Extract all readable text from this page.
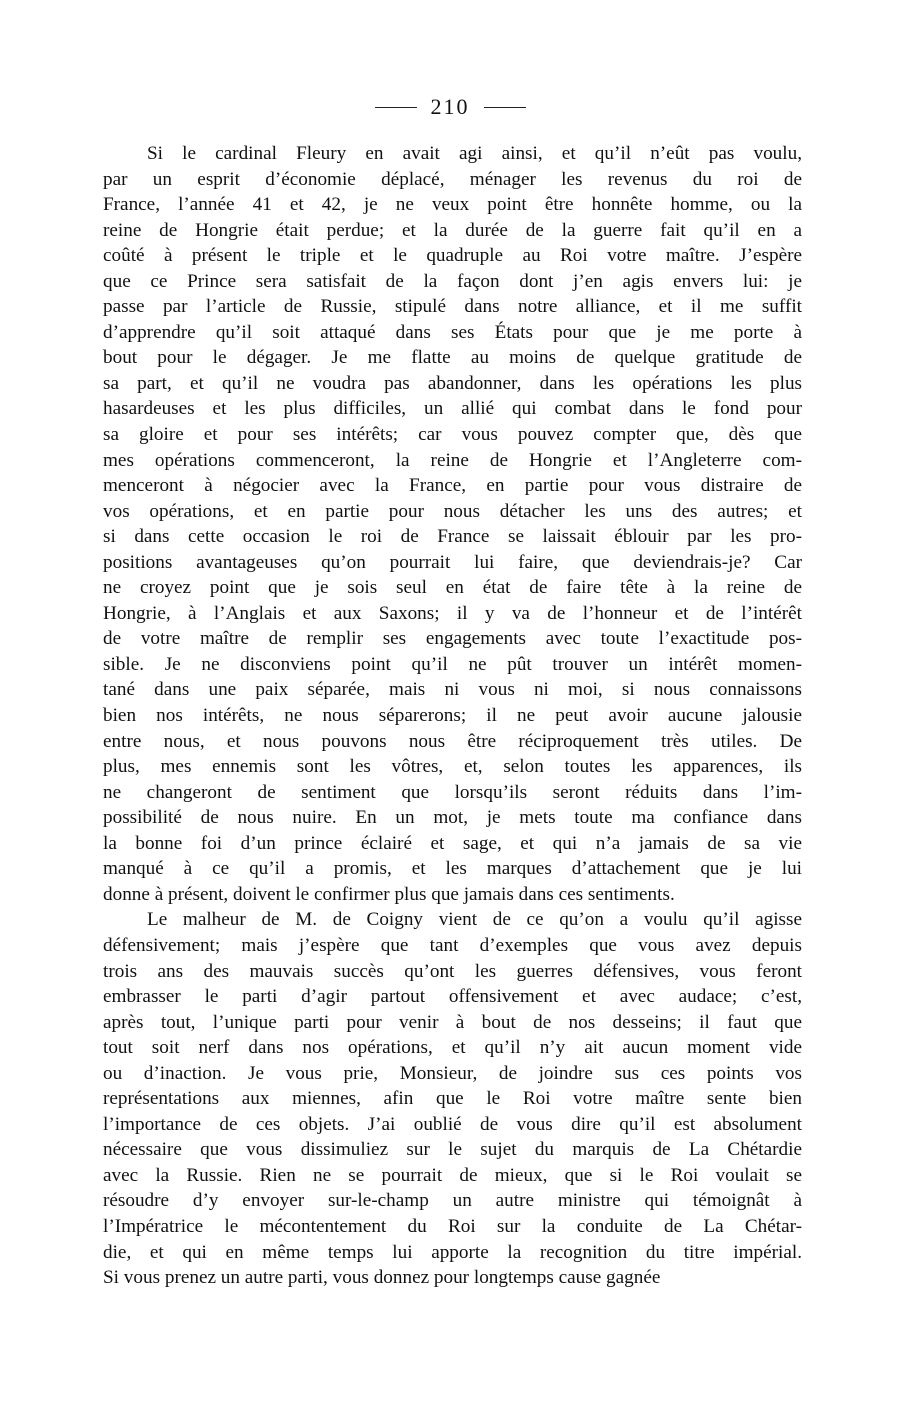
210
Si le cardinal Fleury en avait agi ainsi, et qu’il n’eût pas voulu,
par un esprit d’économie déplacé, ménager les revenus du roi de
France, l’année 41 et 42, je ne veux point être honnête homme, ou la
reine de Hongrie était perdue; et la durée de la guerre fait qu’il en a
coûté à présent le triple et le quadruple au Roi votre maître. J’espère
que ce Prince sera satisfait de la façon dont j’en agis envers lui: je
passe par l’article de Russie, stipulé dans notre alliance, et il me suffit
d’apprendre qu’il soit attaqué dans ses États pour que je me porte à
bout pour le dégager. Je me flatte au moins de quelque gratitude de
sa part, et qu’il ne voudra pas abandonner, dans les opérations les plus
hasardeuses et les plus difficiles, un allié qui combat dans le fond pour
sa gloire et pour ses intérêts; car vous pouvez compter que, dès que
mes opérations commenceront, la reine de Hongrie et l’Angleterre com-
menceront à négocier avec la France, en partie pour vous distraire de
vos opérations, et en partie pour nous détacher les uns des autres; et
si dans cette occasion le roi de France se laissait éblouir par les pro-
positions avantageuses qu’on pourrait lui faire, que deviendrais-je? Car
ne croyez point que je sois seul en état de faire tête à la reine de
Hongrie, à l’Anglais et aux Saxons; il y va de l’honneur et de l’intérêt
de votre maître de remplir ses engagements avec toute l’exactitude pos-
sible. Je ne disconviens point qu’il ne pût trouver un intérêt momen-
tané dans une paix séparée, mais ni vous ni moi, si nous connaissons
bien nos intérêts, ne nous séparerons; il ne peut avoir aucune jalousie
entre nous, et nous pouvons nous être réciproquement très utiles. De
plus, mes ennemis sont les vôtres, et, selon toutes les apparences, ils
ne changeront de sentiment que lorsqu’ils seront réduits dans l’im-
possibilité de nous nuire. En un mot, je mets toute ma confiance dans
la bonne foi d’un prince éclairé et sage, et qui n’a jamais de sa vie
manqué à ce qu’il a promis, et les marques d’attachement que je lui
donne à présent, doivent le confirmer plus que jamais dans ces sentiments.
Le malheur de M. de Coigny vient de ce qu’on a voulu qu’il agisse
défensivement; mais j’espère que tant d’exemples que vous avez depuis
trois ans des mauvais succès qu’ont les guerres défensives, vous feront
embrasser le parti d’agir partout offensivement et avec audace; c’est,
après tout, l’unique parti pour venir à bout de nos desseins; il faut que
tout soit nerf dans nos opérations, et qu’il n’y ait aucun moment vide
ou d’inaction. Je vous prie, Monsieur, de joindre sus ces points vos
représentations aux miennes, afin que le Roi votre maître sente bien
l’importance de ces objets. J’ai oublié de vous dire qu’il est absolument
nécessaire que vous dissimuliez sur le sujet du marquis de La Chétardie
avec la Russie. Rien ne se pourrait de mieux, que si le Roi voulait se
résoudre d’y envoyer sur-le-champ un autre ministre qui témoignât à
l’Impératrice le mécontentement du Roi sur la conduite de La Chétar-
die, et qui en même temps lui apporte la recognition du titre impérial.
Si vous prenez un autre parti, vous donnez pour longtemps cause gagnée
